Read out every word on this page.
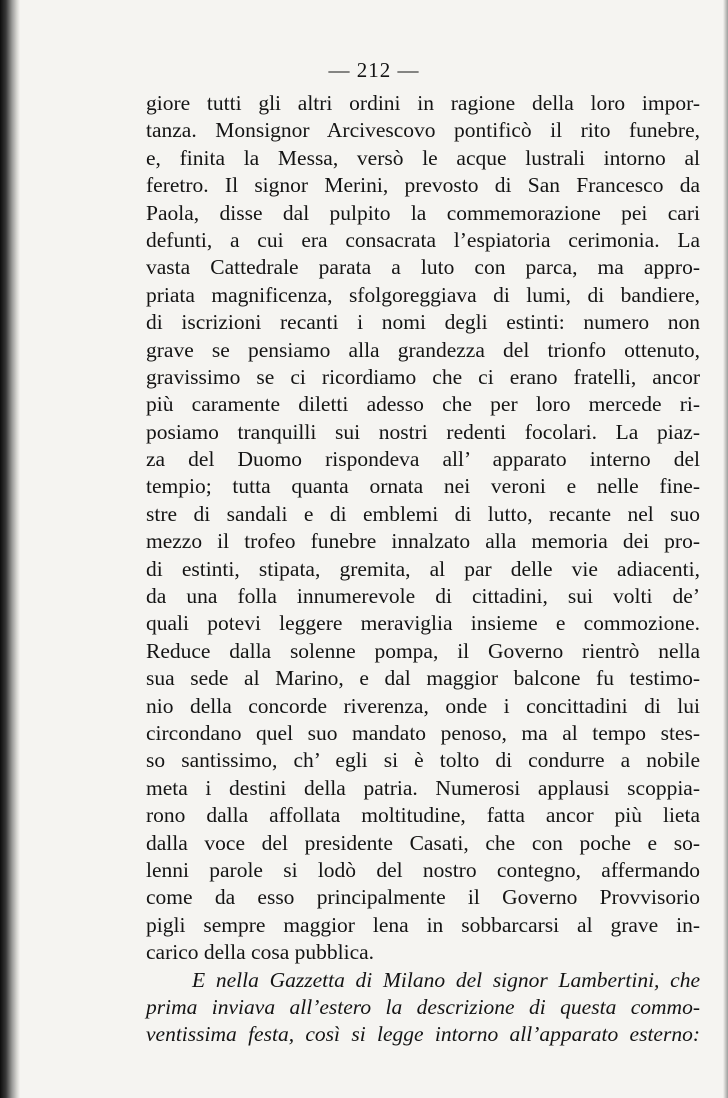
— 212 —
giore tutti gli altri ordini in ragione della loro impor-
tanza. Monsignor Arcivescovo pontificò il rito funebre,
e, finita la Messa, versò le acque lustrali intorno al
feretro. Il signor Merini, prevosto di San Francesco da
Paola, disse dal pulpito la commemorazione pei cari
defunti, a cui era consacrata l’espiatoria cerimonia. La
vasta Cattedrale parata a luto con parca, ma appro-
priata magnificenza, sfolgoreggiava di lumi, di bandiere,
di iscrizioni recanti i nomi degli estinti: numero non
grave se pensiamo alla grandezza del trionfo ottenuto,
gravissimo se ci ricordiamo che ci erano fratelli, ancor
più caramente diletti adesso che per loro mercede ri-
posiamo tranquilli sui nostri redenti focolari. La piaz-
za del Duomo rispondeva all’ apparato interno del
tempio; tutta quanta ornata nei veroni e nelle fine-
stre di sandali e di emblemi di lutto, recante nel suo
mezzo il trofeo funebre innalzato alla memoria dei pro-
di estinti, stipata, gremita, al par delle vie adiacenti,
da una folla innumerevole di cittadini, sui volti de’
quali potevi leggere meraviglia insieme e commozione.
Reduce dalla solenne pompa, il Governo rientrò nella
sua sede al Marino, e dal maggior balcone fu testimo-
nio della concorde riverenza, onde i concittadini di lui
circondano quel suo mandato penoso, ma al tempo stes-
so santissimo, ch’ egli si è tolto di condurre a nobile
meta i destini della patria. Numerosi applausi scoppia-
rono dalla affollata moltitudine, fatta ancor più lieta
dalla voce del presidente Casati, che con poche e so-
lenni parole si lodò del nostro contegno, affermando
come da esso principalmente il Governo Provvisorio
pigli sempre maggior lena in sobbarcarsi al grave in-
carico della cosa pubblica.
E nella Gazzetta di Milano del signor Lambertini, che
prima inviava all’estero la descrizione di questa commo-
ventissima festa, così si legge intorno all’apparato esterno:
